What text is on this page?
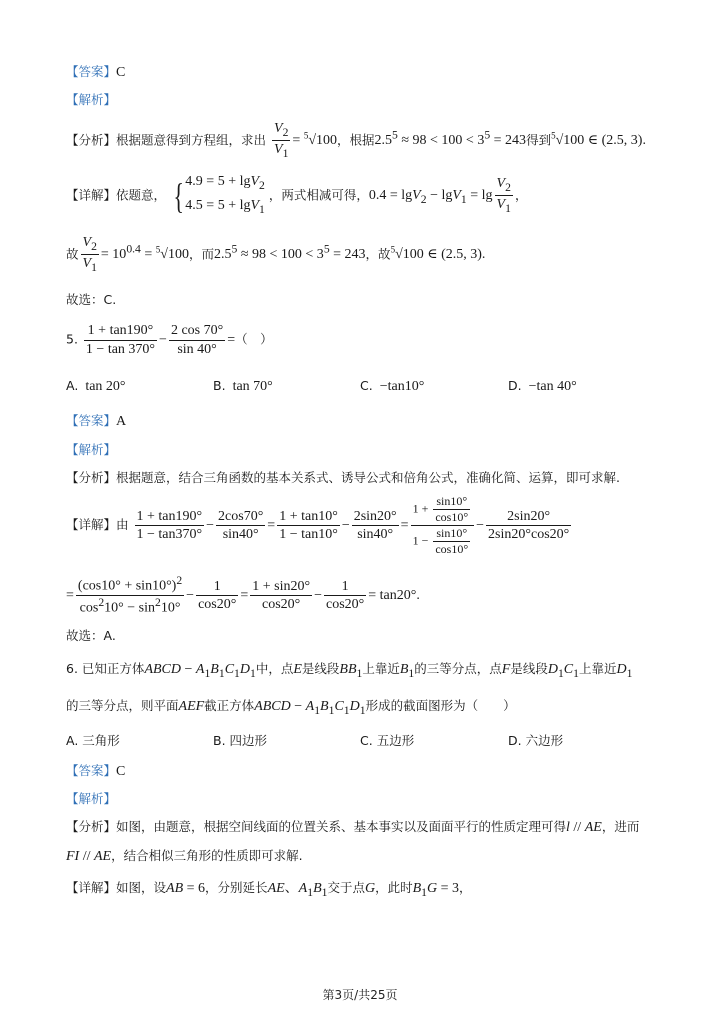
【答案】C
【解析】
【分析】根据题意得到方程组，求出 $\frac{V_2}{V_1} = ^5√100$，根据$2.5^5 \approx 98 < 100 < 3^5 = 243$得到$^5$√100 ∈ (2.5, 3).
【详解】依题意， {4.9 = 5 + lgV$_2$
4.5 = 5 + lgV$_1$ ，两式相减可得，$0.4 = \lg V_2 - \lg V_1 = \lg \frac{V_2}{V_1}$ ，
故 $\frac{V_2}{V_1} = 10^{0.4} = ^5√100$，而$2.5^5 \approx 98 < 100 < 3^5 = 243$，故$^5$√100 ∈ (2.5, 3).
故选：C.
5. $\frac{1 + \tan 190^\circ}{1 - \tan 370^\circ} - \frac{2 \cos 70^\circ}{\sin 40^\circ}$ =（　）
A. tan 20°	B. tan 70°	C. −tan10°	D. −tan 40°
【答案】A
【解析】
【分析】根据题意，结合三角函数的基本关系式、诱导公式和倍角公式，准确化简、运算，即可求解.
【详解】由 $\frac{1 + \tan 190^\circ}{1 - \tan 370^\circ} - \frac{2\cos 70^\circ}{\sin 40^\circ} = \frac{1 + \tan 10^\circ}{1 - \tan 10^\circ} - \frac{2\sin 20^\circ}{\sin 40^\circ} = \frac{1 + \frac{\sin 10^\circ}{\cos 10^\circ}}{1 - \frac{\sin 10^\circ}{\cos 10^\circ}} - \frac{2\sin 20^\circ}{2\sin 20^\circ\cos 20^\circ}$
= $\frac{(\cos 10^\circ + \sin 10^\circ)^2}{\cos^210^\circ - \sin^210^\circ} - \frac{1}{\cos 20^\circ} = \frac{1 + \sin 20^\circ}{\cos 20^\circ} - \frac{1}{\cos 20^\circ} = \tan 20^\circ$.
故选：A.
6. 已知正方体ABCD − $A_1B_1C_1D_1$中，点E是线段$BB_1$上靠近$B_1$的三等分点，点F是线段$D_1C_1$上靠近$D_1$
的三等分点，则平面AEF截正方体ABCD − $A_1B_1C_1D_1$形成的截面图形为（　　）
A. 三角形	B. 四边形	C. 五边形	D. 六边形
【答案】C
【解析】
【分析】如图，由题意，根据空间线面的位置关系、基本事实以及面面平行的性质定理可得l // AE，进而
FI // AE，结合相似三角形的性质即可求解.
【详解】如图，设AB = 6，分别延长AE、$A_1B_1$交于点G，此时$B_1G = 3$，
第3页/共25页
